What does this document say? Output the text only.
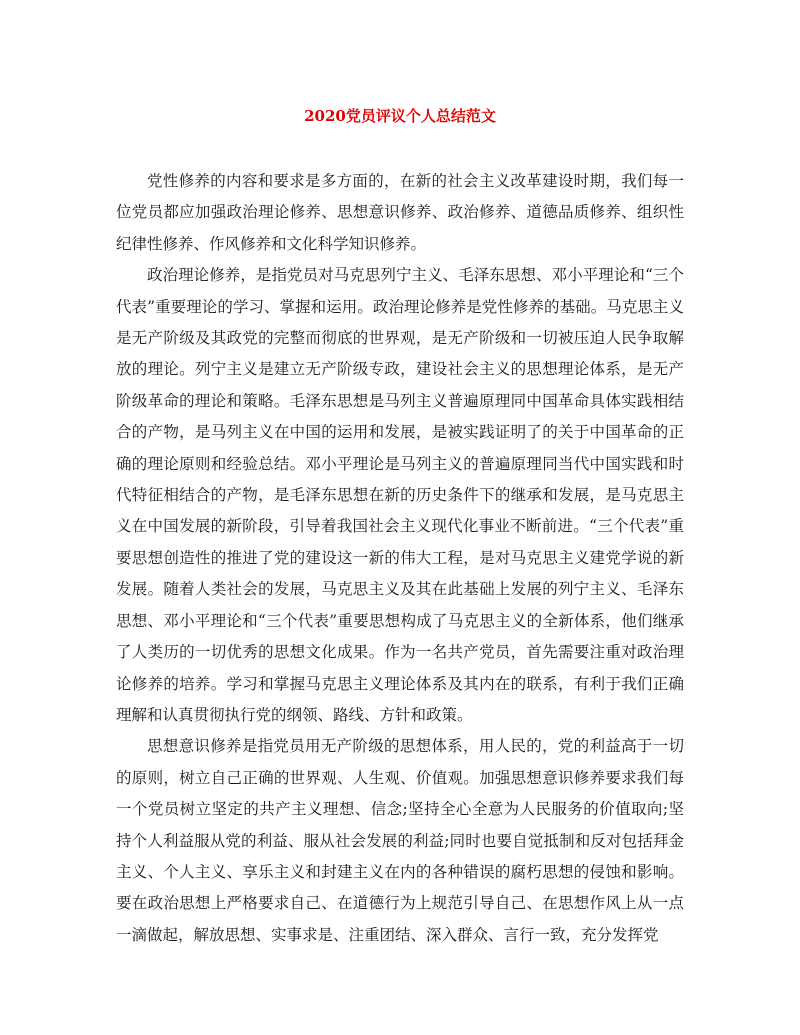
2020党员评议个人总结范文

党性修养的内容和要求是多方面的，在新的社会主义改革建设时期，我们每一位党员都应加强政治理论修养、思想意识修养、政治修养、道德品质修养、组织性纪律性修养、作风修养和文化科学知识修养。

政治理论修养，是指党员对马克思列宁主义、毛泽东思想、邓小平理论和“三个代表”重要理论的学习、掌握和运用。政治理论修养是党性修养的基础。马克思主义是无产阶级及其政党的完整而彻底的世界观，是无产阶级和一切被压迫人民争取解放的理论。列宁主义是建立无产阶级专政，建设社会主义的思想理论体系，是无产阶级革命的理论和策略。毛泽东思想是马列主义普遍原理同中国革命具体实践相结合的产物，是马列主义在中国的运用和发展，是被实践证明了的关于中国革命的正确的理论原则和经验总结。邓小平理论是马列主义的普遍原理同当代中国实践和时代特征相结合的产物，是毛泽东思想在新的历史条件下的继承和发展，是马克思主义在中国发展的新阶段，引导着我国社会主义现代化事业不断前进。“三个代表”重要思想创造性的推进了党的建设这一新的伟大工程，是对马克思主义建党学说的新发展。随着人类社会的发展，马克思主义及其在此基础上发展的列宁主义、毛泽东思想、邓小平理论和“三个代表”重要思想构成了马克思主义的全新体系，他们继承了人类历的一切优秀的思想文化成果。作为一名共产党员，首先需要注重对政治理论修养的培养。学习和掌握马克思主义理论体系及其内在的联系，有利于我们正确理解和认真贯彻执行党的纲领、路线、方针和政策。

思想意识修养是指党员用无产阶级的思想体系，用人民的，党的利益高于一切的原则，树立自己正确的世界观、人生观、价值观。加强思想意识修养要求我们每一个党员树立坚定的共产主义理想、信念;坚持全心全意为人民服务的价值取向;坚持个人利益服从党的利益、服从社会发展的利益;同时也要自觉抵制和反对包括拜金主义、个人主义、享乐主义和封建主义在内的各种错误的腐朽思想的侵蚀和影响。要在政治思想上严格要求自己、在道德行为上规范引导自己、在思想作风上从一点一滴做起，解放思想、实事求是、注重团结、深入群众、言行一致，充分发挥党
